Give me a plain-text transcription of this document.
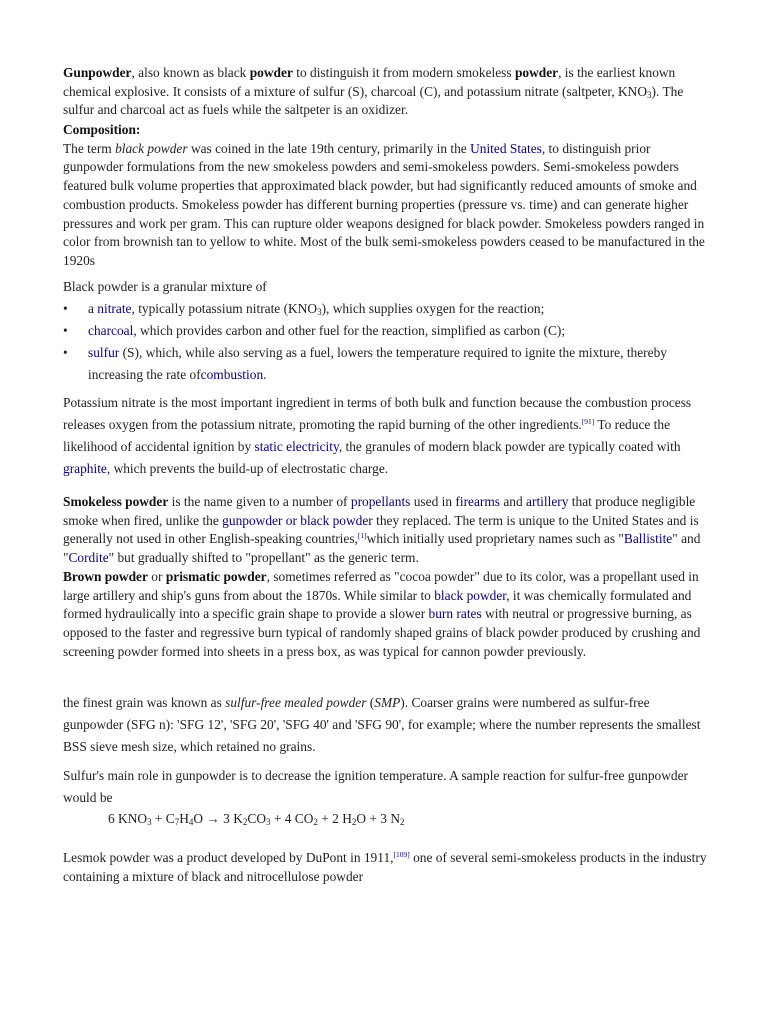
Gunpowder, also known as black powder to distinguish it from modern smokeless powder, is the earliest known chemical explosive. It consists of a mixture of sulfur (S), charcoal (C), and potassium nitrate (saltpeter, $KNO_3$). The sulfur and charcoal act as fuels while the saltpeter is an oxidizer.

Composition:
The term black powder was coined in the late 19th century, primarily in the United States, to distinguish prior gunpowder formulations from the new smokeless powders and semi-smokeless powders. Semi-smokeless powders featured bulk volume properties that approximated black powder, but had significantly reduced amounts of smoke and combustion products. Smokeless powder has different burning properties (pressure vs. time) and can generate higher pressures and work per gram. This can rupture older weapons designed for black powder. Smokeless powders ranged in color from brownish tan to yellow to white. Most of the bulk semi-smokeless powders ceased to be manufactured in the 1920s
Black powder is a granular mixture of
• a nitrate, typically potassium nitrate $(KNO_3)$, which supplies oxygen for the reaction;
• charcoal, which provides carbon and other fuel for the reaction, simplified as carbon (C);
• sulfur (S), which, while also serving as a fuel, lowers the temperature required to ignite the mixture, thereby increasing the rate ofcombustion.

Potassium nitrate is the most important ingredient in terms of both bulk and function because the combustion process releases oxygen from the potassium nitrate, promoting the rapid burning of the other ingredients.[91] To reduce the likelihood of accidental ignition by static electricity, the granules of modern black powder are typically coated with graphite, which prevents the build-up of electrostatic charge.

Smokeless powder is the name given to a number of propellants used in firearms and artillery that produce negligible smoke when fired, unlike the gunpowder or black powder they replaced. The term is unique to the United States and is generally not used in other English-speaking countries,[1]which initially used proprietary names such as "Ballistite" and "Cordite" but gradually shifted to "propellant" as the generic term.
Brown powder or prismatic powder, sometimes referred as "cocoa powder" due to its color, was a propellant used in large artillery and ship's guns from about the 1870s. While similar to black powder, it was chemically formulated and formed hydraulically into a specific grain shape to provide a slower burn rates with neutral or progressive burning, as opposed to the faster and regressive burn typical of randomly shaped grains of black powder produced by crushing and screening powder formed into sheets in a press box, as was typical for cannon powder previously.

the finest grain was known as sulfur-free mealed powder (SMP). Coarser grains were numbered as sulfur-free gunpowder (SFG n): 'SFG 12', 'SFG 20', 'SFG 40' and 'SFG 90', for example; where the number represents the smallest BSS sieve mesh size, which retained no grains.

Sulfur's main role in gunpowder is to decrease the ignition temperature. A sample reaction for sulfur-free gunpowder would be

6 $KNO_3 + C_7H_4O \to 3$ $K_2CO_3 + 4$ $CO_2 + 2$ $H_2O + 3$ $N_2$

Lesmok powder was a product developed by DuPont in 1911,[109] one of several semi-smokeless products in the industry containing a mixture of black and nitrocellulose powder
